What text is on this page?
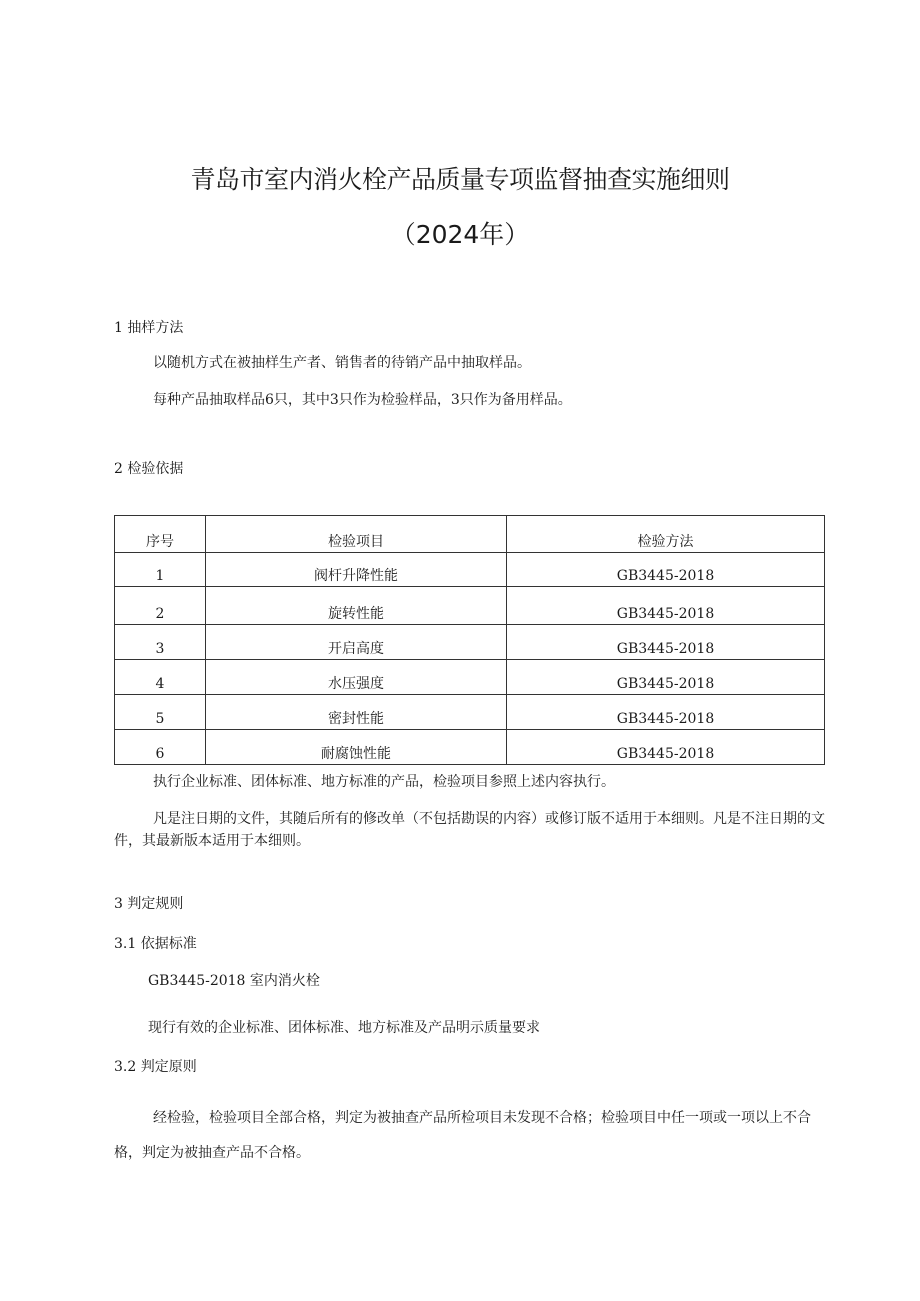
青岛市室内消火栓产品质量专项监督抽查实施细则
（2024年）
1 抽样方法
以随机方式在被抽样生产者、销售者的待销产品中抽取样品。
每种产品抽取样品6只，其中3只作为检验样品，3只作为备用样品。
2 检验依据
序号	检验项目	检验方法
1	阀杆升降性能	GB3445-2018
2	旋转性能	GB3445-2018
3	开启高度	GB3445-2018
4	水压强度	GB3445-2018
5	密封性能	GB3445-2018
6	耐腐蚀性能	GB3445-2018
执行企业标准、团体标准、地方标准的产品，检验项目参照上述内容执行。
凡是注日期的文件，其随后所有的修改单（不包括勘误的内容）或修订版不适用于本细则。凡是不注日期的文件，其最新版本适用于本细则。
3 判定规则
3.1 依据标准
GB3445-2018 室内消火栓
现行有效的企业标准、团体标准、地方标准及产品明示质量要求
3.2 判定原则
经检验，检验项目全部合格，判定为被抽查产品所检项目未发现不合格；检验项目中任一项或一项以上不合格，判定为被抽查产品不合格。
